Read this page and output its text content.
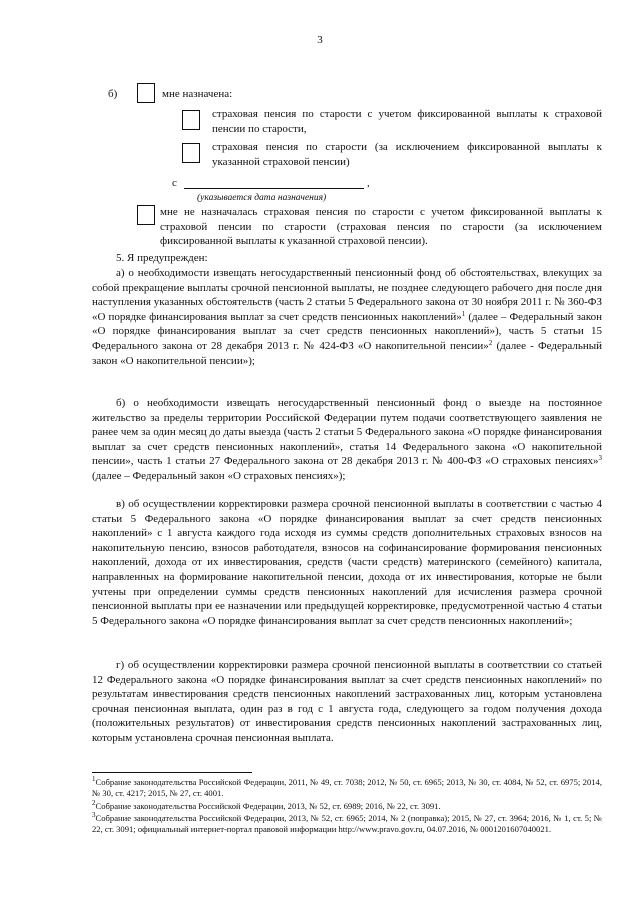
3
б)	мне назначена:
страховая пенсия по старости с учетом фиксированной выплаты к страховой пенсии по старости,
страховая пенсия по старости (за исключением фиксированной выплаты к указанной страховой пенсии)
с	,
(указывается дата назначения)
мне не назначалась страховая пенсия по старости с учетом фиксированной выплаты к страховой пенсии по старости (страховая пенсия по старости (за исключением фиксированной выплаты к указанной страховой пенсии).
5. Я предупрежден:
а) о необходимости извещать негосударственный пенсионный фонд об обстоятельствах, влекущих за собой прекращение выплаты срочной пенсионной выплаты, не позднее следующего рабочего дня после дня наступления указанных обстоятельств (часть 2 статьи 5 Федерального закона от 30 ноября 2011 г. № 360-ФЗ «О порядке финансирования выплат за счет средств пенсионных накоплений»$^1$ (далее – Федеральный закон «О порядке финансирования выплат за счет средств пенсионных накоплений»), часть 5 статьи 15 Федерального закона от 28 декабря 2013 г. № 424-ФЗ «О накопительной пенсии»$^2$ (далее - Федеральный закон «О накопительной пенсии»);
б) о необходимости извещать негосударственный пенсионный фонд о выезде на постоянное жительство за пределы территории Российской Федерации путем подачи соответствующего заявления не ранее чем за один месяц до даты выезда (часть 2 статьи 5 Федерального закона «О порядке финансирования выплат за счет средств пенсионных накоплений», статья 14 Федерального закона «О накопительной пенсии», часть 1 статьи 27 Федерального закона от 28 декабря 2013 г. № 400-ФЗ «О страховых пенсиях»$^3$ (далее – Федеральный закон «О страховых пенсиях»);
в) об осуществлении корректировки размера срочной пенсионной выплаты в соответствии с частью 4 статьи 5 Федерального закона «О порядке финансирования выплат за счет средств пенсионных накоплений» с 1 августа каждого года исходя из суммы средств дополнительных страховых взносов на накопительную пенсию, взносов работодателя, взносов на софинансирование формирования пенсионных накоплений, дохода от их инвестирования, средств (части средств) материнского (семейного) капитала, направленных на формирование накопительной пенсии, дохода от их инвестирования, которые не были учтены при определении суммы средств пенсионных накоплений для исчисления размера срочной пенсионной выплаты при ее назначении или предыдущей корректировке, предусмотренной частью 4 статьи 5 Федерального закона «О порядке финансирования выплат за счет средств пенсионных накоплений»;
г) об осуществлении корректировки размера срочной пенсионной выплаты в соответствии со статьей 12 Федерального закона «О порядке финансирования выплат за счет средств пенсионных накоплений» по результатам инвестирования средств пенсионных накоплений застрахованных лиц, которым установлена срочная пенсионная выплата, один раз в год с 1 августа года, следующего за годом получения дохода (положительных результатов) от инвестирования средств пенсионных накоплений застрахованных лиц, которым установлена срочная пенсионная выплата.
$^1$Собрание законодательства Российской Федерации, 2011, № 49, ст. 7038; 2012, № 50, ст. 6965; 2013, № 30, ст. 4084, № 52, ст. 6975; 2014, № 30, ст. 4217; 2015, № 27, ст. 4001.
$^2$Собрание законодательства Российской Федерации, 2013, № 52, ст. 6989; 2016, № 22, ст. 3091.
$^3$Собрание законодательства Российской Федерации, 2013, № 52, ст. 6965; 2014, № 2 (поправка); 2015, № 27, ст. 3964; 2016, № 1, ст. 5; № 22, ст. 3091; официальный интернет-портал правовой информации http://www.pravo.gov.ru, 04.07.2016, № 0001201607040021.
